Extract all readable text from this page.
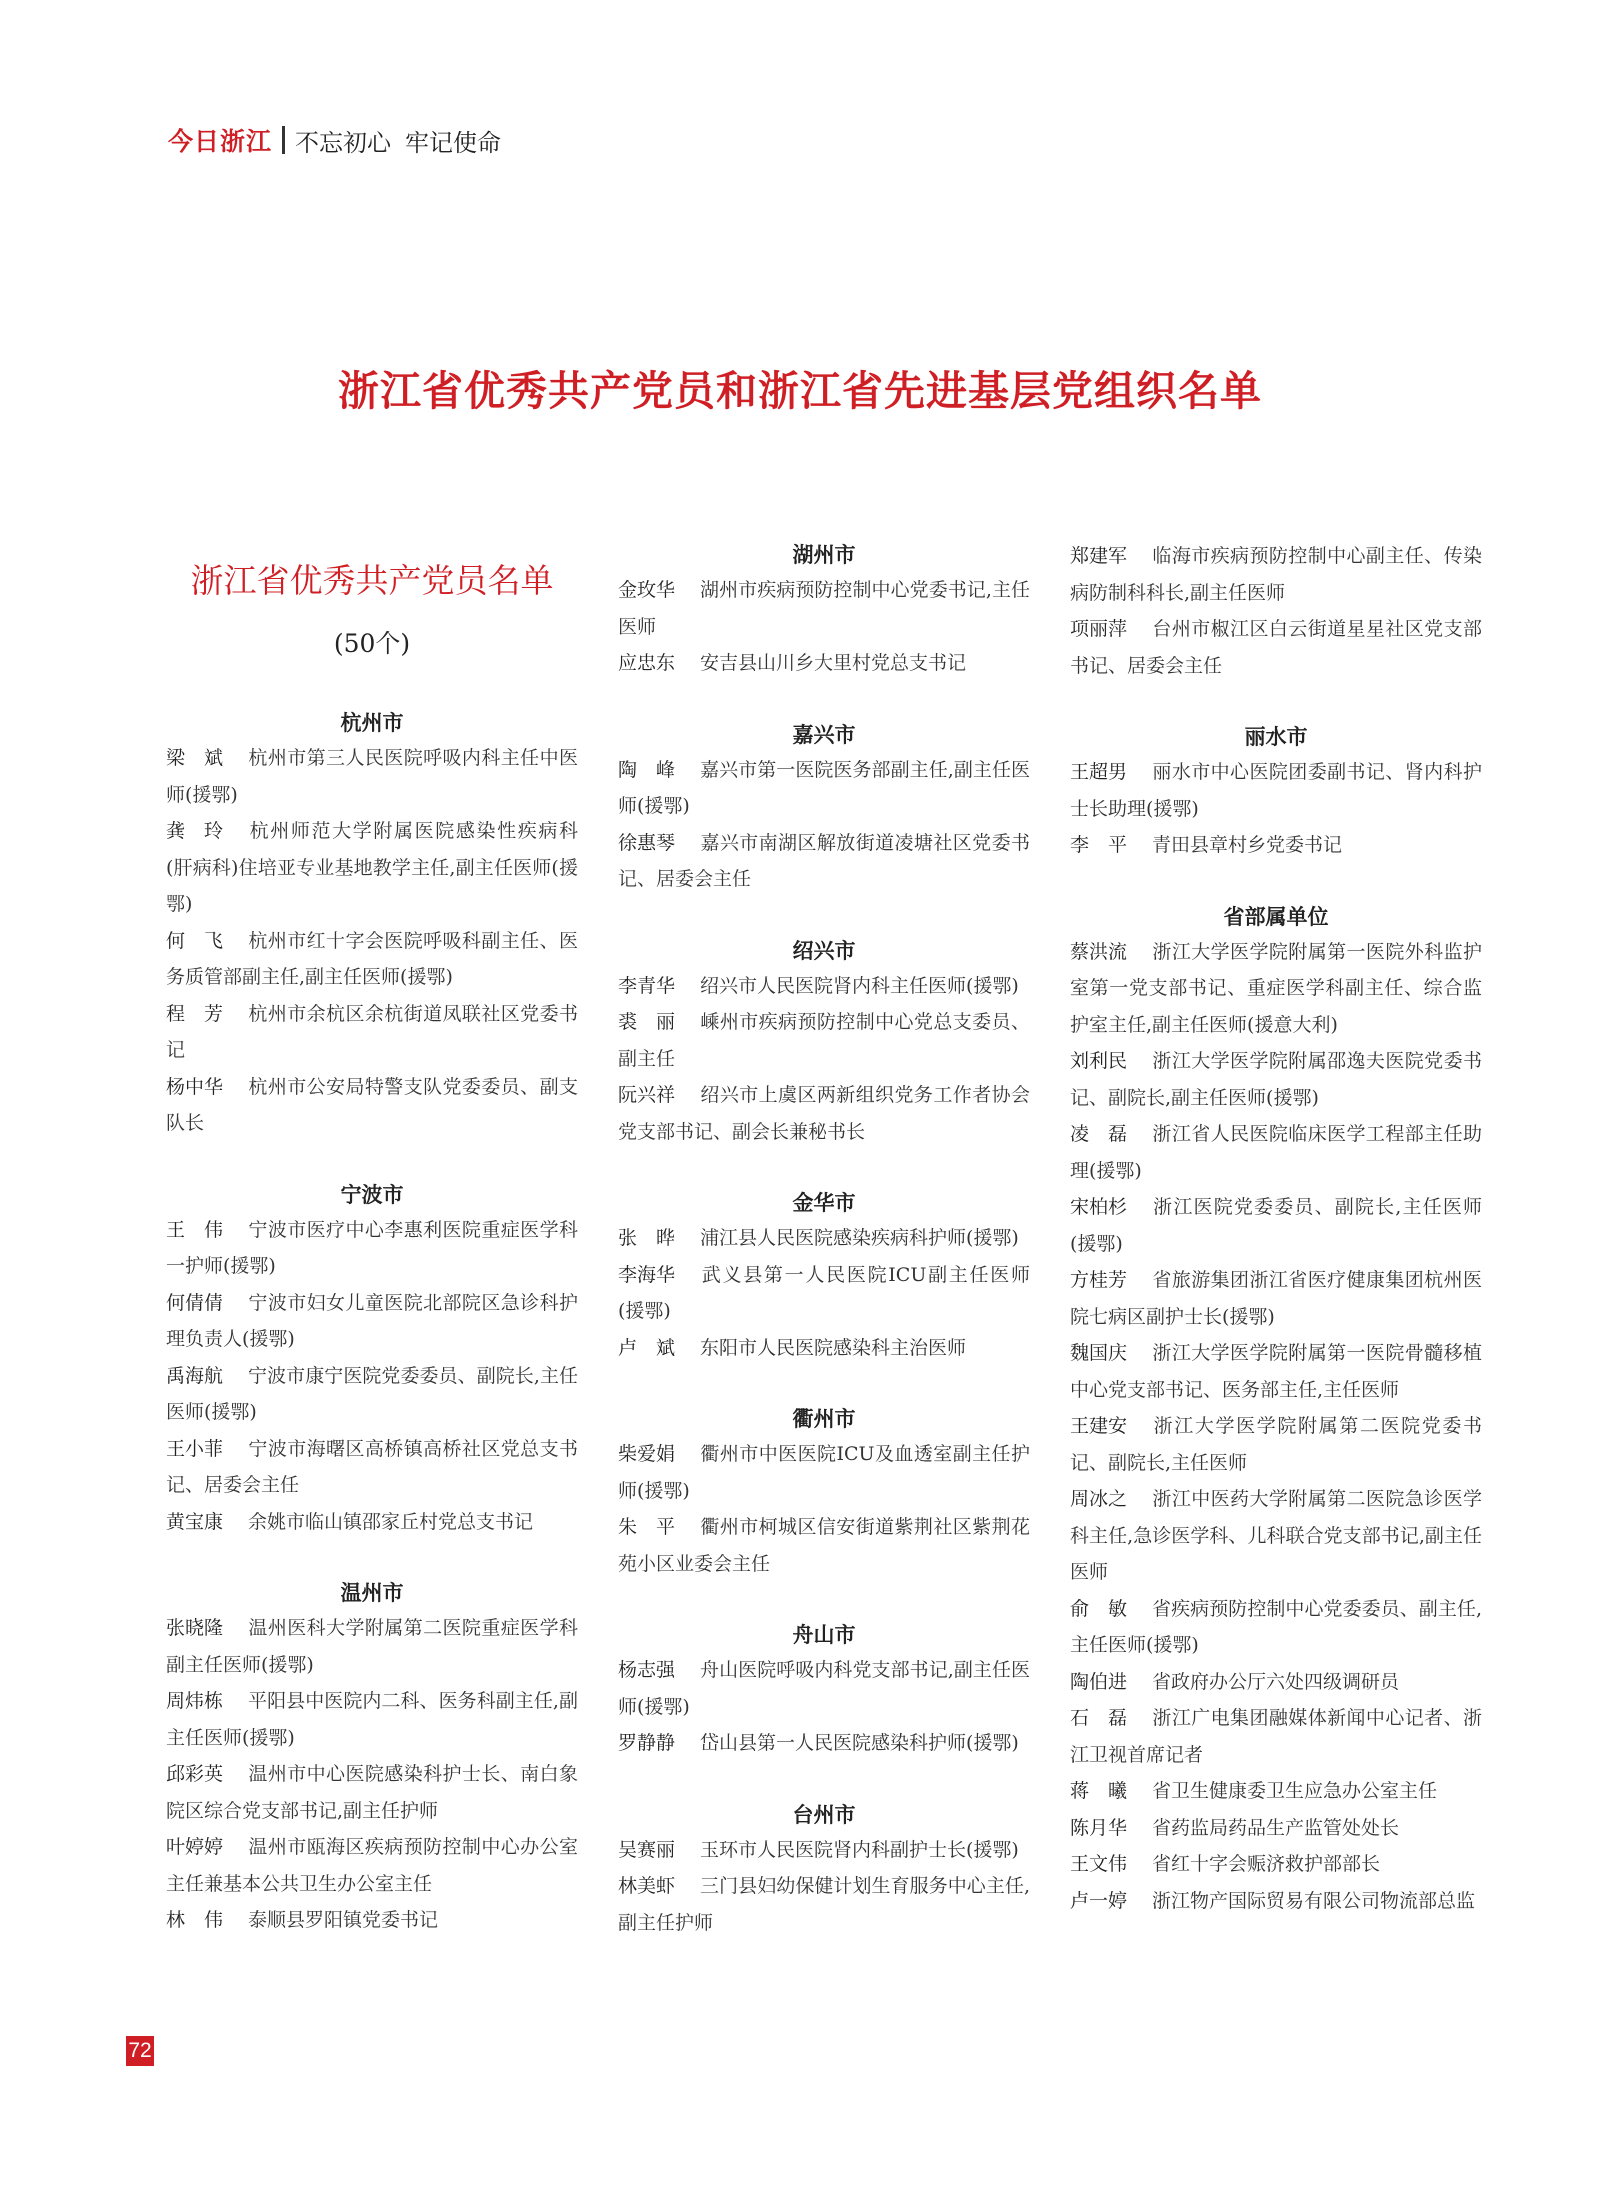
今日浙江 不忘初心 牢记使命
浙江省优秀共产党员和浙江省先进基层党组织名单
浙江省优秀共产党员名单
(50个)
杭州市
梁　斌 杭州市第三人民医院呼吸内科主任中医师(援鄂)
龚　玲 杭州师范大学附属医院感染性疾病科(肝病科)住培亚专业基地教学主任,副主任医师(援鄂)
何　飞 杭州市红十字会医院呼吸科副主任、医务质管部副主任,副主任医师(援鄂)
程　芳 杭州市余杭区余杭街道凤联社区党委书记
杨中华 杭州市公安局特警支队党委委员、副支队长
宁波市
王　伟 宁波市医疗中心李惠利医院重症医学科一护师(援鄂)
何倩倩 宁波市妇女儿童医院北部院区急诊科护理负责人(援鄂)
禹海航 宁波市康宁医院党委委员、副院长,主任医师(援鄂)
王小菲 宁波市海曙区高桥镇高桥社区党总支书记、居委会主任
黄宝康 余姚市临山镇邵家丘村党总支书记
温州市
张晓隆 温州医科大学附属第二医院重症医学科副主任医师(援鄂)
周炜栋 平阳县中医院内二科、医务科副主任,副主任医师(援鄂)
邱彩英 温州市中心医院感染科护士长、南白象院区综合党支部书记,副主任护师
叶婷婷 温州市瓯海区疾病预防控制中心办公室主任兼基本公共卫生办公室主任
林　伟 泰顺县罗阳镇党委书记
湖州市
金玫华 湖州市疾病预防控制中心党委书记,主任医师
应忠东 安吉县山川乡大里村党总支书记
嘉兴市
陶　峰 嘉兴市第一医院医务部副主任,副主任医师(援鄂)
徐惠琴 嘉兴市南湖区解放街道凌塘社区党委书记、居委会主任
绍兴市
李青华 绍兴市人民医院肾内科主任医师(援鄂)
裘　丽 嵊州市疾病预防控制中心党总支委员、副主任
阮兴祥 绍兴市上虞区两新组织党务工作者协会党支部书记、副会长兼秘书长
金华市
张　晔 浦江县人民医院感染疾病科护师(援鄂)
李海华 武义县第一人民医院ICU副主任医师(援鄂)
卢　斌 东阳市人民医院感染科主治医师
衢州市
柴爱娟 衢州市中医医院ICU及血透室副主任护师(援鄂)
朱　平 衢州市柯城区信安街道紫荆社区紫荆花苑小区业委会主任
舟山市
杨志强 舟山医院呼吸内科党支部书记,副主任医师(援鄂)
罗静静 岱山县第一人民医院感染科护师(援鄂)
台州市
吴赛丽 玉环市人民医院肾内科副护士长(援鄂)
林美虾 三门县妇幼保健计划生育服务中心主任,副主任护师
郑建军 临海市疾病预防控制中心副主任、传染病防制科科长,副主任医师
项丽萍 台州市椒江区白云街道星星社区党支部书记、居委会主任
丽水市
王超男 丽水市中心医院团委副书记、肾内科护士长助理(援鄂)
李　平 青田县章村乡党委书记
省部属单位
蔡洪流 浙江大学医学院附属第一医院外科监护室第一党支部书记、重症医学科副主任、综合监护室主任,副主任医师(援意大利)
刘利民 浙江大学医学院附属邵逸夫医院党委书记、副院长,副主任医师(援鄂)
凌　磊 浙江省人民医院临床医学工程部主任助理(援鄂)
宋柏杉 浙江医院党委委员、副院长,主任医师(援鄂)
方桂芳 省旅游集团浙江省医疗健康集团杭州医院七病区副护士长(援鄂)
魏国庆 浙江大学医学院附属第一医院骨髓移植中心党支部书记、医务部主任,主任医师
王建安 浙江大学医学院附属第二医院党委书记、副院长,主任医师
周冰之 浙江中医药大学附属第二医院急诊医学科主任,急诊医学科、儿科联合党支部书记,副主任医师
俞　敏 省疾病预防控制中心党委委员、副主任,主任医师(援鄂)
陶伯进 省政府办公厅六处四级调研员
石　磊 浙江广电集团融媒体新闻中心记者、浙江卫视首席记者
蒋　曦 省卫生健康委卫生应急办公室主任
陈月华 省药监局药品生产监管处处长
王文伟 省红十字会赈济救护部部长
卢一婷 浙江物产国际贸易有限公司物流部总监
72
